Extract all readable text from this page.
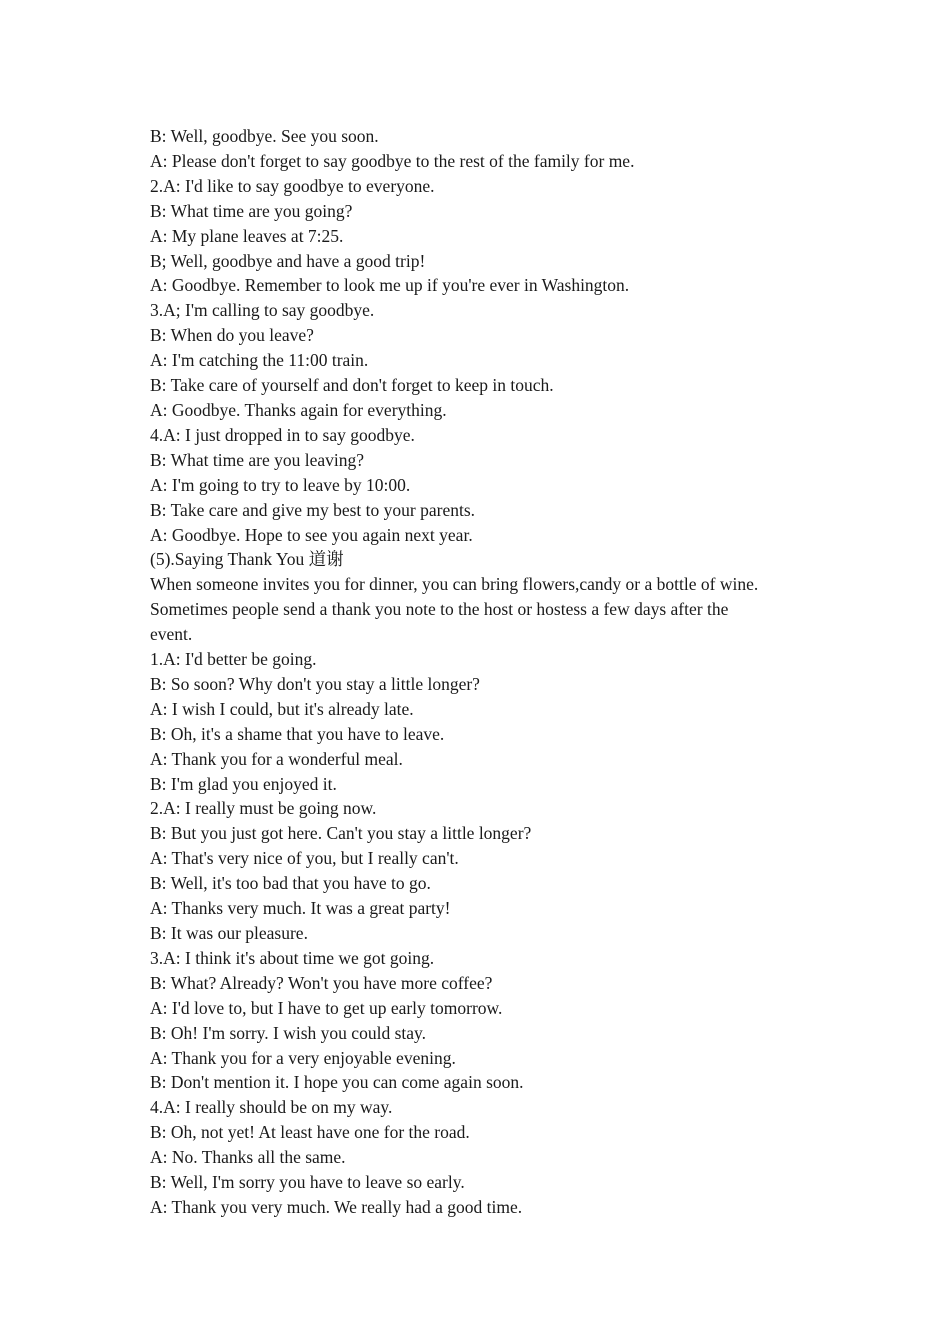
B: Well, goodbye. See you soon.

A: Please don't forget to say goodbye to the rest of the family for me.

2.A: I'd like to say goodbye to everyone.

B: What time are you going?

A: My plane leaves at 7:25.

B; Well, goodbye and have a good trip!

A: Goodbye. Remember to look me up if you're ever in Washington.

3.A; I'm calling to say goodbye.

B: When do you leave?

A: I'm catching the 11:00 train.

B: Take care of yourself and don't forget to keep in touch.

A: Goodbye. Thanks again for everything.

4.A: I just dropped in to say goodbye.

B: What time are you leaving?

A: I'm going to try to leave by 10:00.

B: Take care and give my best to your parents.

A: Goodbye. Hope to see you again next year.

(5).Saying Thank You 道谢

When someone invites you for dinner, you can bring flowers,candy or a bottle of wine. Sometimes people send a thank you note to the host or hostess a few days after the event.

1.A: I'd better be going.

B: So soon? Why don't you stay a little longer?

A: I wish I could, but it's already late.

B: Oh, it's a shame that you have to leave.

A: Thank you for a wonderful meal.

B: I'm glad you enjoyed it.

2.A: I really must be going now.

B: But you just got here. Can't you stay a little longer?

A: That's very nice of you, but I really can't.

B: Well, it's too bad that you have to go.

A: Thanks very much. It was a great party!

B: It was our pleasure.

3.A: I think it's about time we got going.

B: What? Already? Won't you have more coffee?

A: I'd love to, but I have to get up early tomorrow.

B: Oh! I'm sorry. I wish you could stay.

A: Thank you for a very enjoyable evening.

B: Don't mention it. I hope you can come again soon.

4.A: I really should be on my way.

B: Oh, not yet! At least have one for the road.

A: No. Thanks all the same.

B: Well, I'm sorry you have to leave so early.

A: Thank you very much. We really had a good time.
